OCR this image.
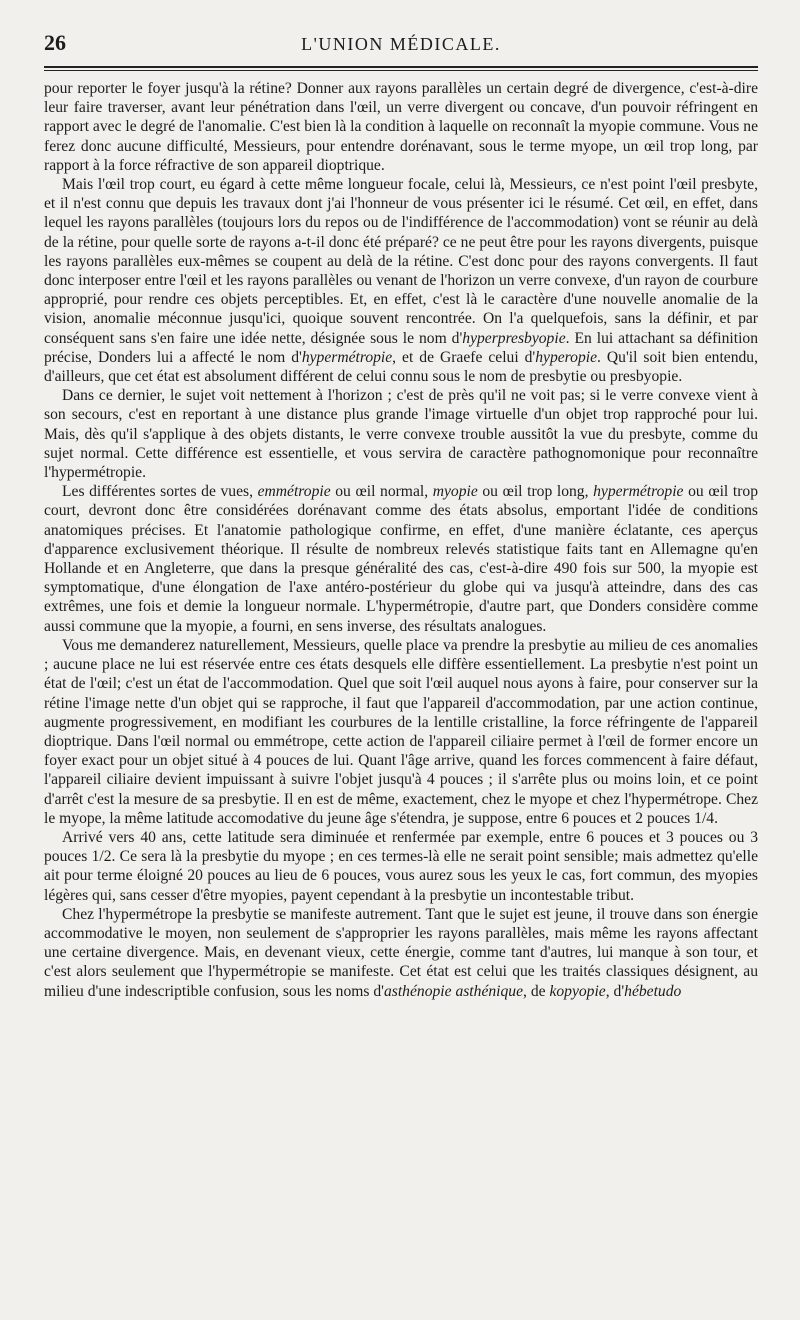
26	L'UNION MÉDICALE.

pour reporter le foyer jusqu'à la rétine? Donner aux rayons parallèles un certain degré de divergence, c'est-à-dire leur faire traverser, avant leur pénétration dans l'œil, un verre divergent ou concave, d'un pouvoir réfringent en rapport avec le degré de l'anomalie. C'est bien là la condition à laquelle on reconnaît la myopie commune. Vous ne ferez donc aucune difficulté, Messieurs, pour entendre dorénavant, sous le terme myope, un œil trop long, par rapport à la force réfractive de son appareil dioptrique.

Mais l'œil trop court, eu égard à cette même longueur focale, celui là, Messieurs, ce n'est point l'œil presbyte, et il n'est connu que depuis les travaux dont j'ai l'honneur de vous présenter ici le résumé. Cet œil, en effet, dans lequel les rayons parallèles (toujours lors du repos ou de l'indifférence de l'accommodation) vont se réunir au delà de la rétine, pour quelle sorte de rayons a-t-il donc été préparé? ce ne peut être pour les rayons divergents, puisque les rayons parallèles eux-mêmes se coupent au delà de la rétine. C'est donc pour des rayons convergents. Il faut donc interposer entre l'œil et les rayons parallèles ou venant de l'horizon un verre convexe, d'un rayon de courbure approprié, pour rendre ces objets perceptibles. Et, en effet, c'est là le caractère d'une nouvelle anomalie de la vision, anomalie méconnue jusqu'ici, quoique souvent rencontrée. On l'a quelquefois, sans la définir, et par conséquent sans s'en faire une idée nette, désignée sous le nom d'hyperpresbyopie. En lui attachant sa définition précise, Donders lui a affecté le nom d'hypermétropie, et de Graefe celui d'hyperopie. Qu'il soit bien entendu, d'ailleurs, que cet état est absolument différent de celui connu sous le nom de presbytie ou presbyopie.

Dans ce dernier, le sujet voit nettement à l'horizon ; c'est de près qu'il ne voit pas; si le verre convexe vient à son secours, c'est en reportant à une distance plus grande l'image virtuelle d'un objet trop rapproché pour lui. Mais, dès qu'il s'applique à des objets distants, le verre convexe trouble aussitôt la vue du presbyte, comme du sujet normal. Cette différence est essentielle, et vous servira de caractère pathognomonique pour reconnaître l'hypermétropie.

Les différentes sortes de vues, emmétropie ou œil normal, myopie ou œil trop long, hypermétropie ou œil trop court, devront donc être considérées dorénavant comme des états absolus, emportant l'idée de conditions anatomiques précises. Et l'anatomie pathologique confirme, en effet, d'une manière éclatante, ces aperçus d'apparence exclusivement théorique. Il résulte de nombreux relevés statistique faits tant en Allemagne qu'en Hollande et en Angleterre, que dans la presque généralité des cas, c'est-à-dire 490 fois sur 500, la myopie est symptomatique, d'une élongation de l'axe antéro-postérieur du globe qui va jusqu'à atteindre, dans des cas extrêmes, une fois et demie la longueur normale. L'hypermétropie, d'autre part, que Donders considère comme aussi commune que la myopie, a fourni, en sens inverse, des résultats analogues.

Vous me demanderez naturellement, Messieurs, quelle place va prendre la presbytie au milieu de ces anomalies ; aucune place ne lui est réservée entre ces états desquels elle diffère essentiellement. La presbytie n'est point un état de l'œil; c'est un état de l'accommodation. Quel que soit l'œil auquel nous ayons à faire, pour conserver sur la rétine l'image nette d'un objet qui se rapproche, il faut que l'appareil d'accommodation, par une action continue, augmente progressivement, en modifiant les courbures de la lentille cristalline, la force réfringente de l'appareil dioptrique. Dans l'œil normal ou emmétrope, cette action de l'appareil ciliaire permet à l'œil de former encore un foyer exact pour un objet situé à 4 pouces de lui. Quant l'âge arrive, quand les forces commencent à faire défaut, l'appareil ciliaire devient impuissant à suivre l'objet jusqu'à 4 pouces ; il s'arrête plus ou moins loin, et ce point d'arrêt c'est la mesure de sa presbytie. Il en est de même, exactement, chez le myope et chez l'hypermétrope. Chez le myope, la même latitude accomodative du jeune âge s'étendra, je suppose, entre 6 pouces et 2 pouces 1/4.

Arrivé vers 40 ans, cette latitude sera diminuée et renfermée par exemple, entre 6 pouces et 3 pouces ou 3 pouces 1/2. Ce sera là la presbytie du myope ; en ces termes-là elle ne serait point sensible; mais admettez qu'elle ait pour terme éloigné 20 pouces au lieu de 6 pouces, vous aurez sous les yeux le cas, fort commun, des myopies légères qui, sans cesser d'être myopies, payent cependant à la presbytie un incontestable tribut.

Chez l'hypermétrope la presbytie se manifeste autrement. Tant que le sujet est jeune, il trouve dans son énergie accommodative le moyen, non seulement de s'approprier les rayons parallèles, mais même les rayons affectant une certaine divergence. Mais, en devenant vieux, cette énergie, comme tant d'autres, lui manque à son tour, et c'est alors seulement que l'hypermétropie se manifeste. Cet état est celui que les traités classiques désignent, au milieu d'une indescriptible confusion, sous les noms d'asthénopie asthénique, de kopyopie, d'hébetudo
